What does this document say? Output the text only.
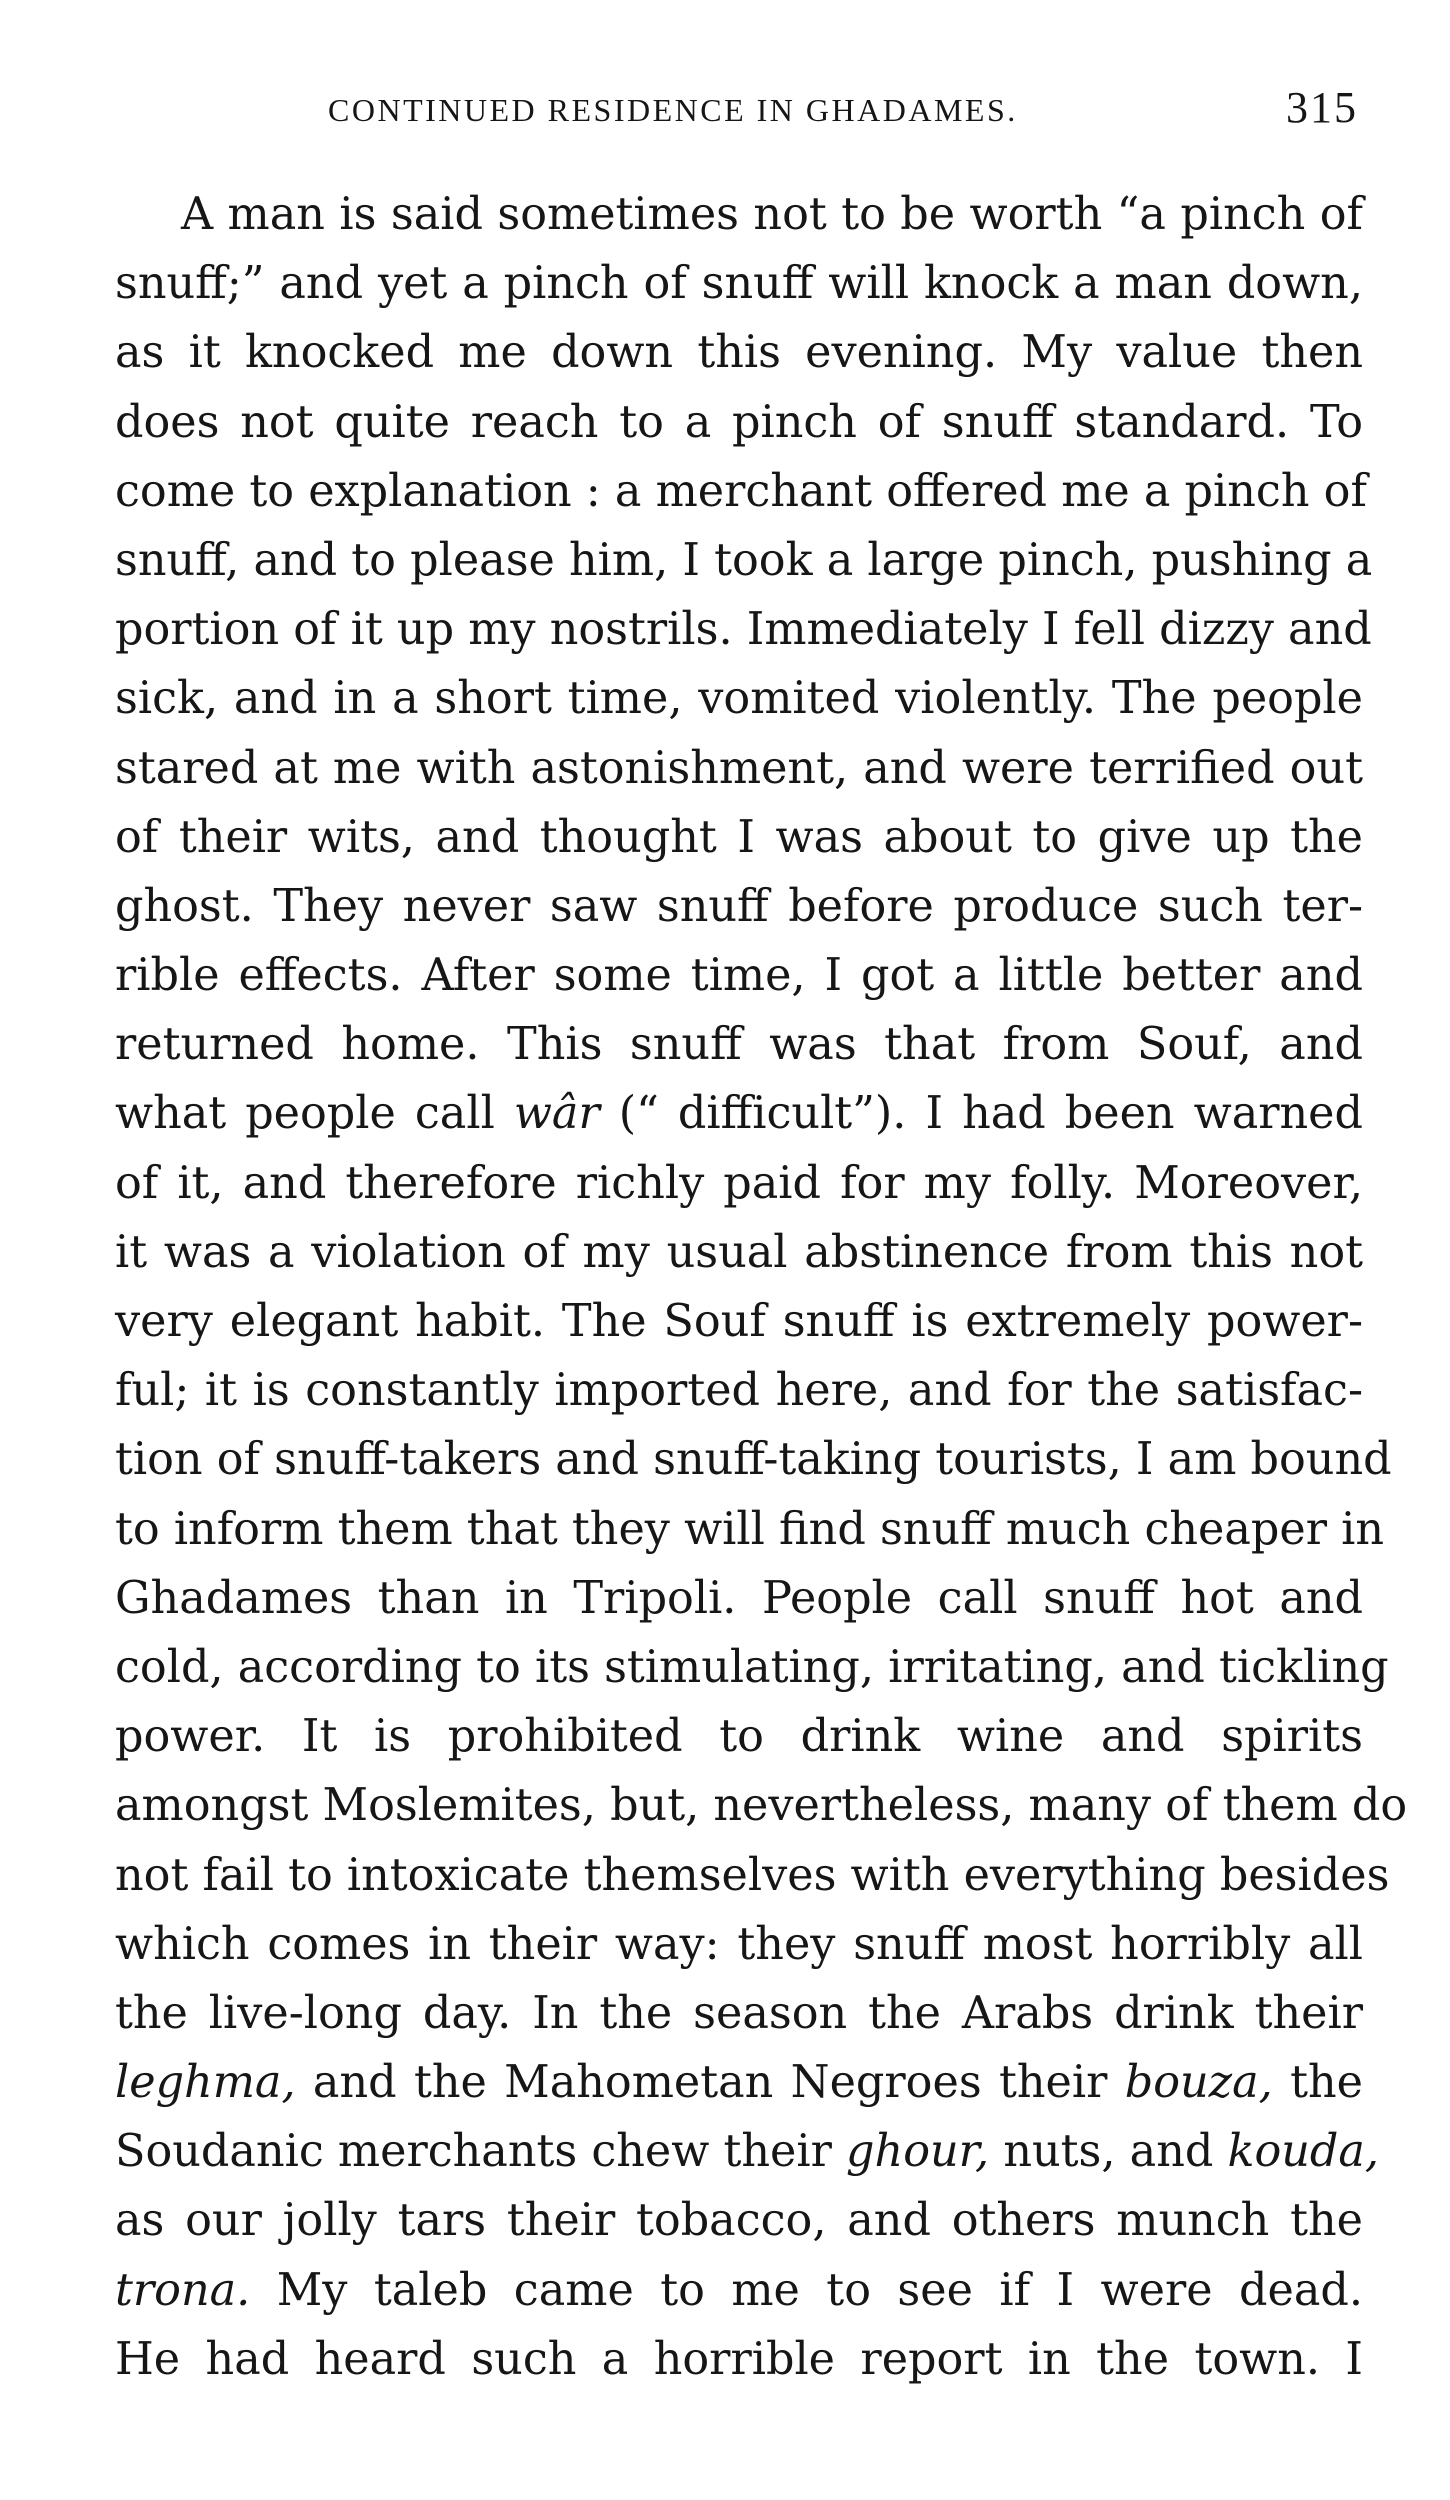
CONTINUED RESIDENCE IN GHADAMES.	315
A man is said sometimes not to be worth “a pinch of
snuff;” and yet a pinch of snuff will knock a man down,
as it knocked me down this evening. My value then
does not quite reach to a pinch of snuff standard. To
come to explanation : a merchant offered me a pinch of
snuff, and to please him, I took a large pinch, pushing a
portion of it up my nostrils. Immediately I fell dizzy and
sick, and in a short time, vomited violently. The people
stared at me with astonishment, and were terrified out
of their wits, and thought I was about to give up the
ghost. They never saw snuff before produce such ter-
rible effects. After some time, I got a little better and
returned home. This snuff was that from Souf, and
what people call wâr (“ difficult”). I had been warned
of it, and therefore richly paid for my folly. Moreover,
it was a violation of my usual abstinence from this not
very elegant habit. The Souf snuff is extremely power-
ful; it is constantly imported here, and for the satisfac-
tion of snuff-takers and snuff-taking tourists, I am bound
to inform them that they will find snuff much cheaper in
Ghadames than in Tripoli. People call snuff hot and
cold, according to its stimulating, irritating, and tickling
power. It is prohibited to drink wine and spirits
amongst Moslemites, but, nevertheless, many of them do
not fail to intoxicate themselves with everything besides
which comes in their way: they snuff most horribly all
the live-long day. In the season the Arabs drink their
leghma, and the Mahometan Negroes their bouza, the
Soudanic merchants chew their ghour, nuts, and kouda,
as our jolly tars their tobacco, and others munch the
trona. My taleb came to me to see if I were dead.
He had heard such a horrible report in the town. I
